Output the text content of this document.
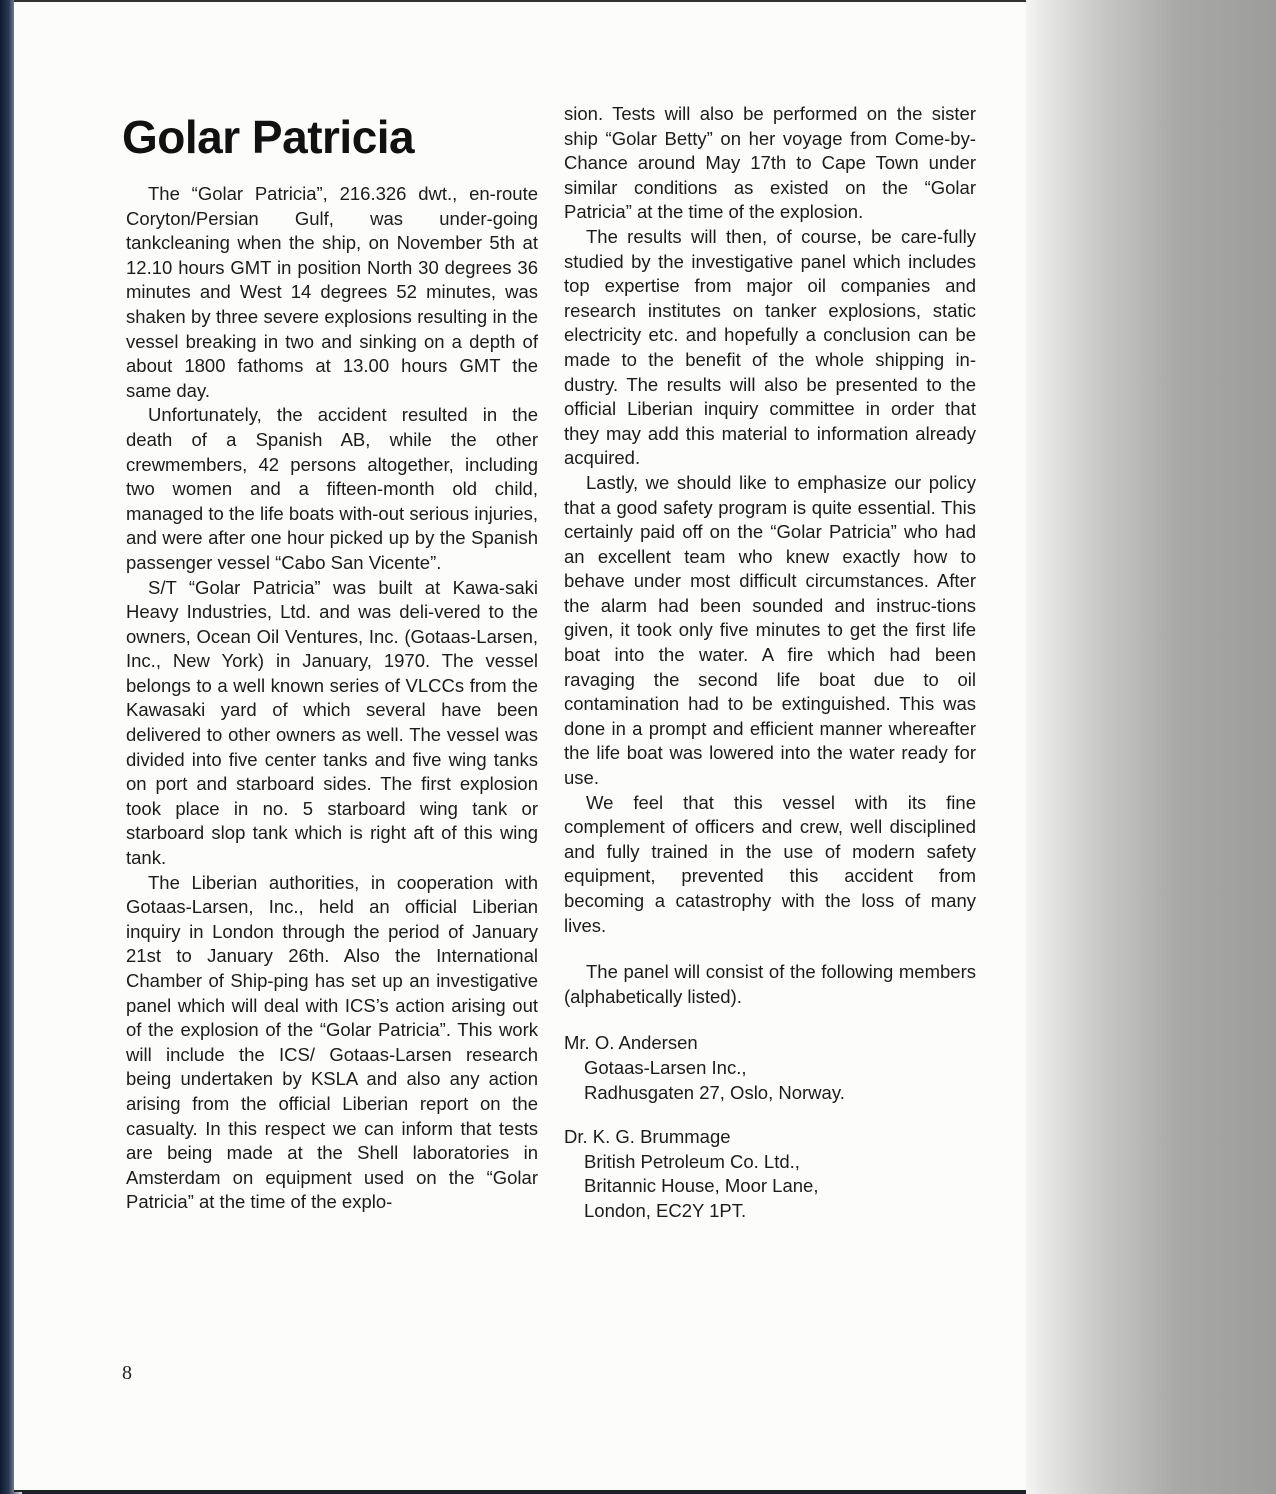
Golar Patricia

The “Golar Patricia”, 216.326 dwt., en-route Coryton/Persian Gulf, was under-going tankcleaning when the ship, on November 5th at 12.10 hours GMT in position North 30 degrees 36 minutes and West 14 degrees 52 minutes, was shaken by three severe explosions resulting in the vessel breaking in two and sinking on a depth of about 1800 fathoms at 13.00 hours GMT the same day.

Unfortunately, the accident resulted in the death of a Spanish AB, while the other crewmembers, 42 persons altogether, including two women and a fifteen-month old child, managed to the life boats with-out serious injuries, and were after one hour picked up by the Spanish passenger vessel “Cabo San Vicente”.

S/T “Golar Patricia” was built at Kawa-saki Heavy Industries, Ltd. and was deli-vered to the owners, Ocean Oil Ventures, Inc. (Gotaas-Larsen, Inc., New York) in January, 1970. The vessel belongs to a well known series of VLCCs from the Kawasaki yard of which several have been delivered to other owners as well. The vessel was divided into five center tanks and five wing tanks on port and starboard sides. The first explosion took place in no. 5 starboard wing tank or starboard slop tank which is right aft of this wing tank.

The Liberian authorities, in cooperation with Gotaas-Larsen, Inc., held an official Liberian inquiry in London through the period of January 21st to January 26th. Also the International Chamber of Ship-ping has set up an investigative panel which will deal with ICS’s action arising out of the explosion of the “Golar Patricia”. This work will include the ICS/ Gotaas-Larsen research being undertaken by KSLA and also any action arising from the official Liberian report on the casualty. In this respect we can inform that tests are being made at the Shell laboratories in Amsterdam on equipment used on the “Golar Patricia” at the time of the explo-

sion. Tests will also be performed on the sister ship “Golar Betty” on her voyage from Come-by-Chance around May 17th to Cape Town under similar conditions as existed on the “Golar Patricia” at the time of the explosion.

The results will then, of course, be care-fully studied by the investigative panel which includes top expertise from major oil companies and research institutes on tanker explosions, static electricity etc. and hopefully a conclusion can be made to the benefit of the whole shipping in-dustry. The results will also be presented to the official Liberian inquiry committee in order that they may add this material to information already acquired.

Lastly, we should like to emphasize our policy that a good safety program is quite essential. This certainly paid off on the “Golar Patricia” who had an excellent team who knew exactly how to behave under most difficult circumstances. After the alarm had been sounded and instruc-tions given, it took only five minutes to get the first life boat into the water. A fire which had been ravaging the second life boat due to oil contamination had to be extinguished. This was done in a prompt and efficient manner whereafter the life boat was lowered into the water ready for use.

We feel that this vessel with its fine complement of officers and crew, well disciplined and fully trained in the use of modern safety equipment, prevented this accident from becoming a catastrophy with the loss of many lives.

The panel will consist of the following members (alphabetically listed).

Mr. O. Andersen
Gotaas-Larsen Inc.,
Radhusgaten 27, Oslo, Norway.
Dr. K. G. Brummage
British Petroleum Co. Ltd.,
Britannic House, Moor Lane,
London, EC2Y 1PT.
8
